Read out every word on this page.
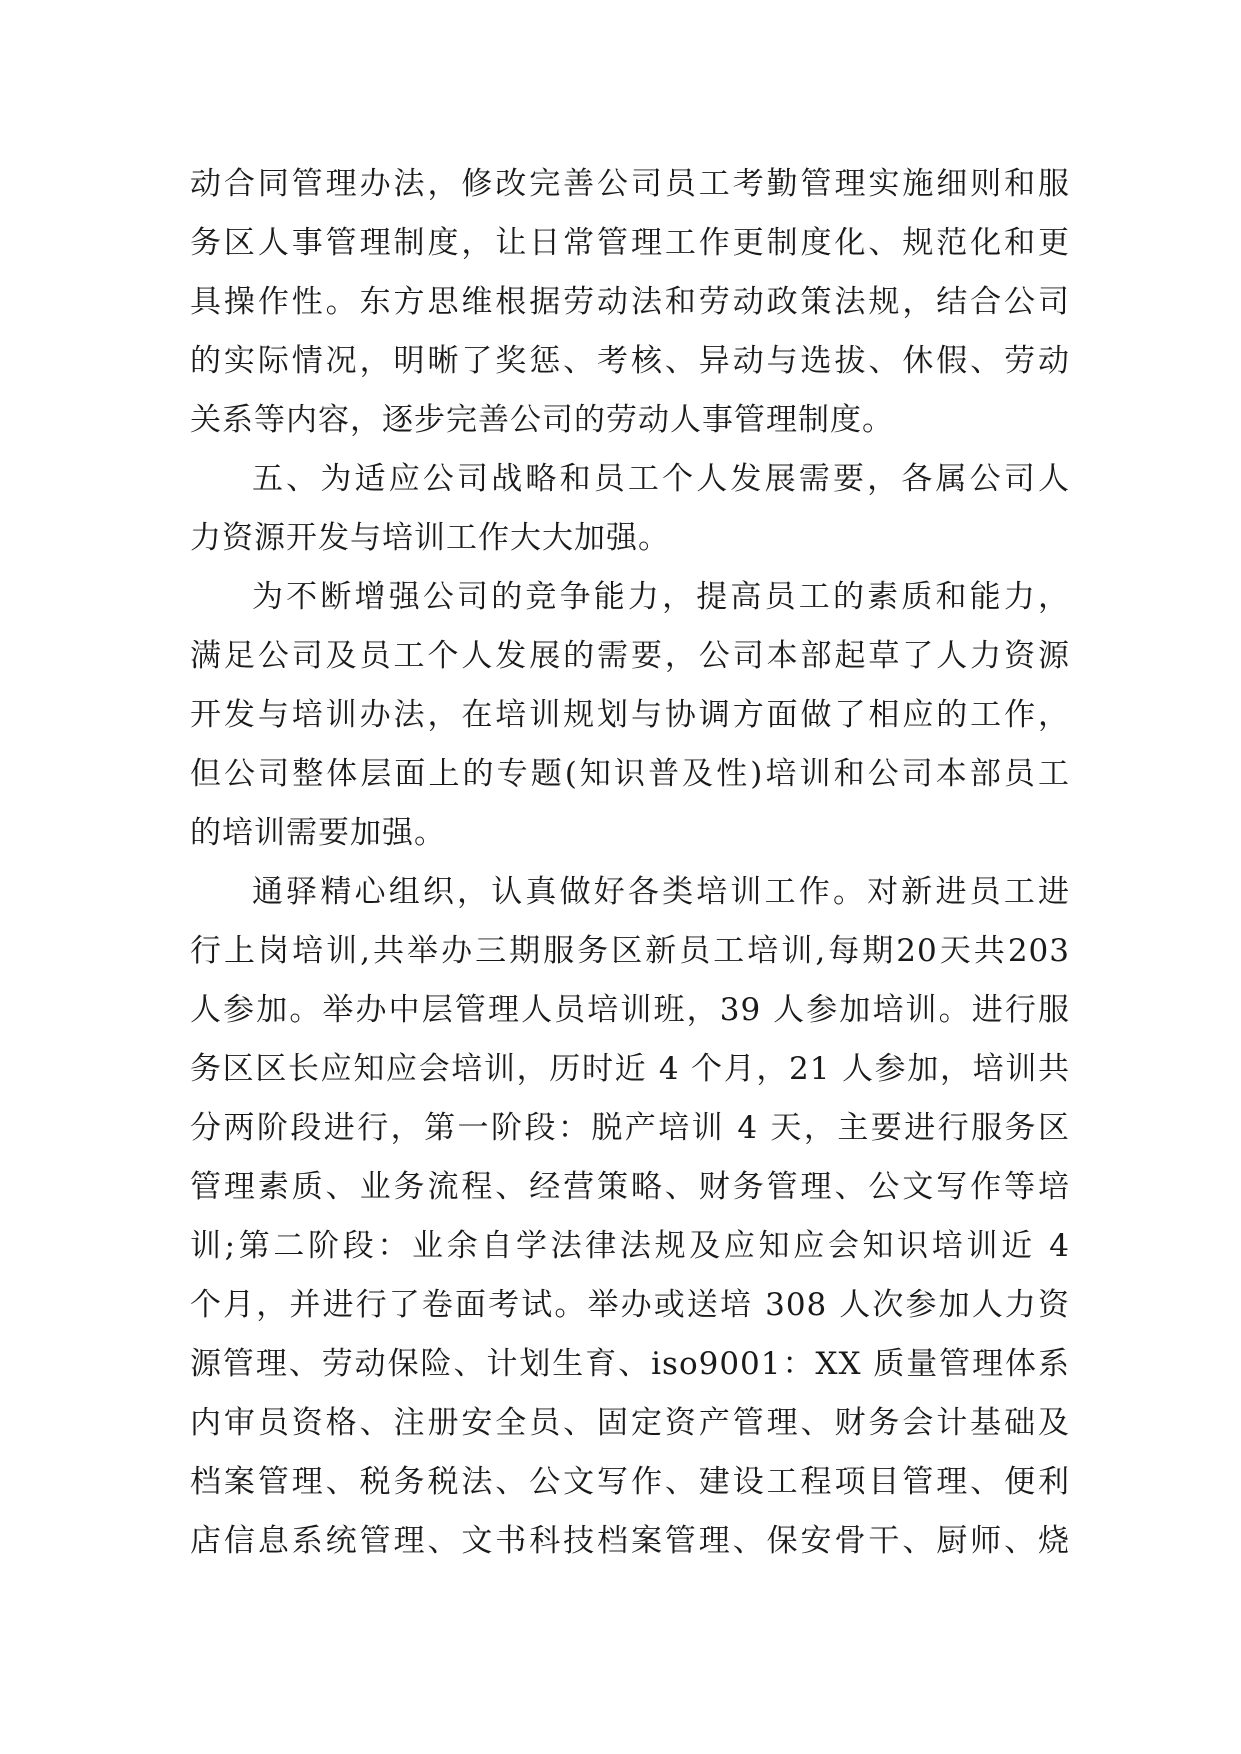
动合同管理办法，修改完善公司员工考勤管理实施细则和服
务区人事管理制度，让日常管理工作更制度化、规范化和更
具操作性。东方思维根据劳动法和劳动政策法规，结合公司
的实际情况，明晰了奖惩、考核、异动与选拔、休假、劳动
关系等内容，逐步完善公司的劳动人事管理制度。
五、为适应公司战略和员工个人发展需要，各属公司人
力资源开发与培训工作大大加强。
为不断增强公司的竞争能力，提高员工的素质和能力，
满足公司及员工个人发展的需要，公司本部起草了人力资源
开发与培训办法，在培训规划与协调方面做了相应的工作，
但公司整体层面上的专题(知识普及性)培训和公司本部员工
的培训需要加强。
通驿精心组织，认真做好各类培训工作。对新进员工进
行上岗培训,共举办三期服务区新员工培训,每期20天共203
人参加。举办中层管理人员培训班，39 人参加培训。进行服
务区区长应知应会培训，历时近 4 个月，21 人参加，培训共
分两阶段进行，第一阶段：脱产培训 4 天，主要进行服务区
管理素质、业务流程、经营策略、财务管理、公文写作等培
训;第二阶段：业余自学法律法规及应知应会知识培训近 4
个月，并进行了卷面考试。举办或送培 308 人次参加人力资
源管理、劳动保险、计划生育、iso9001：XX 质量管理体系
内审员资格、注册安全员、固定资产管理、财务会计基础及
档案管理、税务税法、公文写作、建设工程项目管理、便利
店信息系统管理、文书科技档案管理、保安骨干、厨师、烧
